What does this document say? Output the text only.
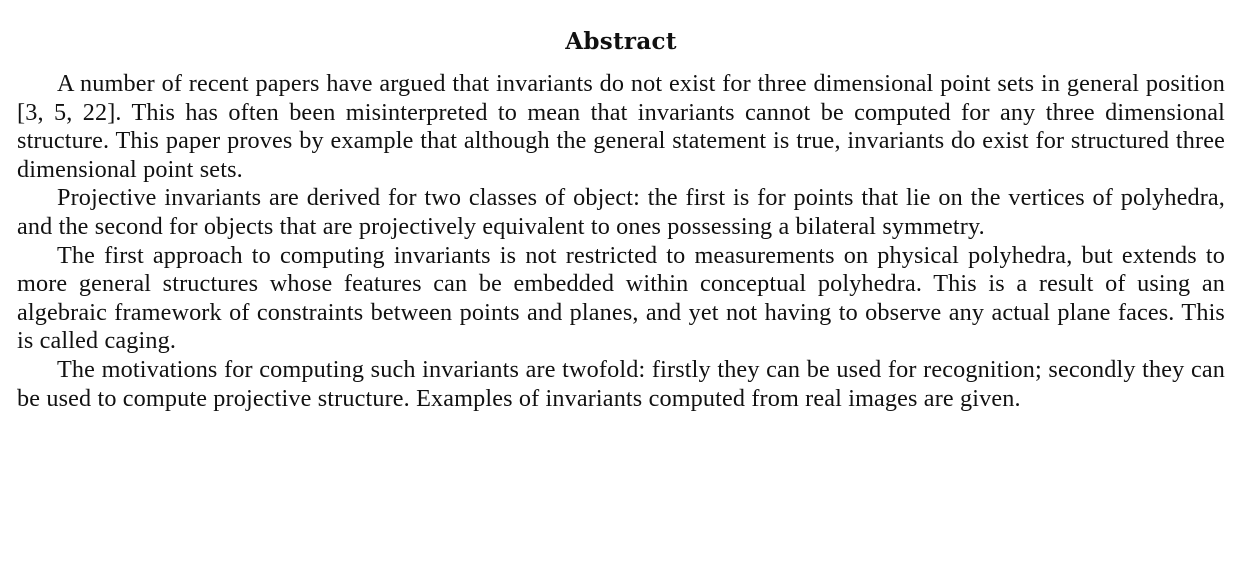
Abstract

A number of recent papers have argued that invariants do not exist for three dimensional point sets in general position [3, 5, 22]. This has often been misinterpreted to mean that invariants cannot be computed for any three dimensional structure. This paper proves by example that although the general statement is true, invariants do exist for structured three dimensional point sets.

Projective invariants are derived for two classes of object: the first is for points that lie on the vertices of polyhedra, and the second for objects that are projectively equivalent to ones possessing a bilateral symmetry.

The first approach to computing invariants is not restricted to measurements on physical polyhedra, but extends to more general structures whose features can be embedded within conceptual polyhedra. This is a result of using an algebraic framework of constraints between points and planes, and yet not having to observe any actual plane faces. This is called caging.

The motivations for computing such invariants are twofold: firstly they can be used for recognition; secondly they can be used to compute projective structure. Examples of invariants computed from real images are given.
